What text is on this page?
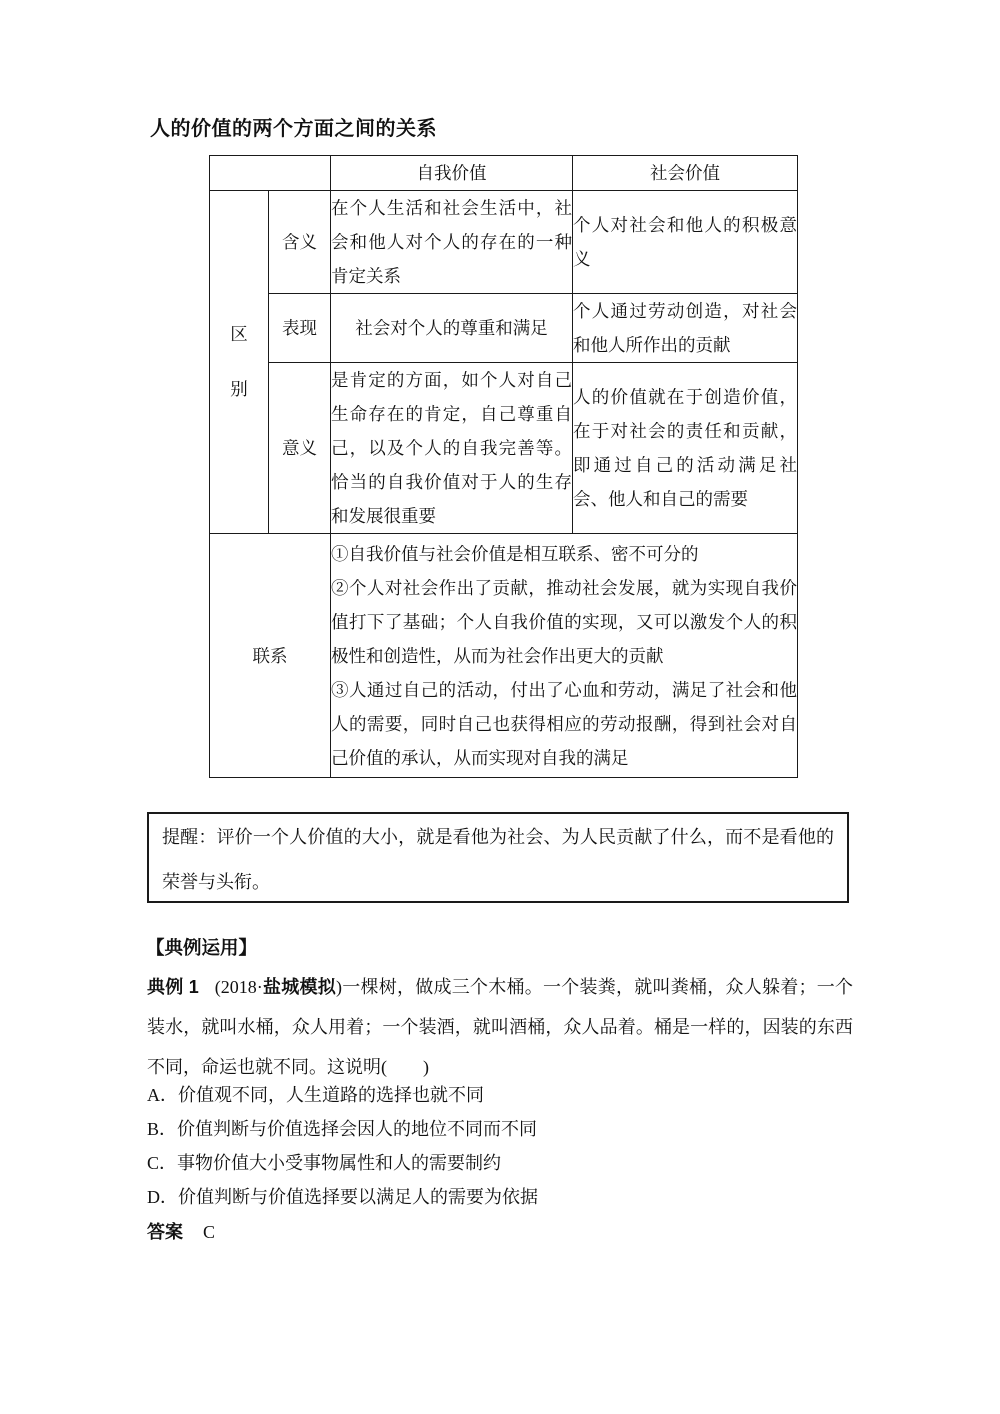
人的价值的两个方面之间的关系
		自我价值	社会价值

区别	含义	在个人生活和社会生活中，社会和他人对个人的存在的一种肯定关系	个人对社会和他人的积极意义
	表现	社会对个人的尊重和满足	个人通过劳动创造，对社会和他人所作出的贡献
	意义	是肯定的方面，如个人对自己生命存在的肯定，自己尊重自己，以及个人的自我完善等。恰当的自我价值对于人的生存和发展很重要	人的价值就在于创造价值，在于对社会的责任和贡献，即通过自己的活动满足社会、他人和自己的需要
联系		①自我价值与社会价值是相互联系、密不可分的
②个人对社会作出了贡献，推动社会发展，就为实现自我价值打下了基础；个人自我价值的实现，又可以激发个人的积极性和创造性，从而为社会作出更大的贡献
③人通过自己的活动，付出了心血和劳动，满足了社会和他人的需要，同时自己也获得相应的劳动报酬，得到社会对自己价值的承认，从而实现对自我的满足	
提醒：评价一个人价值的大小，就是看他为社会、为人民贡献了什么，而不是看他的荣誉与头衔。
【典例运用】

典例 1 (2018·盐城模拟)一棵树，做成三个木桶。一个装粪，就叫粪桶，众人躲着；一个装水，就叫水桶，众人用着；一个装酒，就叫酒桶，众人品着。桶是一样的，因装的东西不同，命运也就不同。这说明(　　)

A．价值观不同，人生道路的选择也就不同
B．价值判断与价值选择会因人的地位不同而不同
C．事物价值大小受事物属性和人的需要制约
D．价值判断与价值选择要以满足人的需要为依据
答案 C
